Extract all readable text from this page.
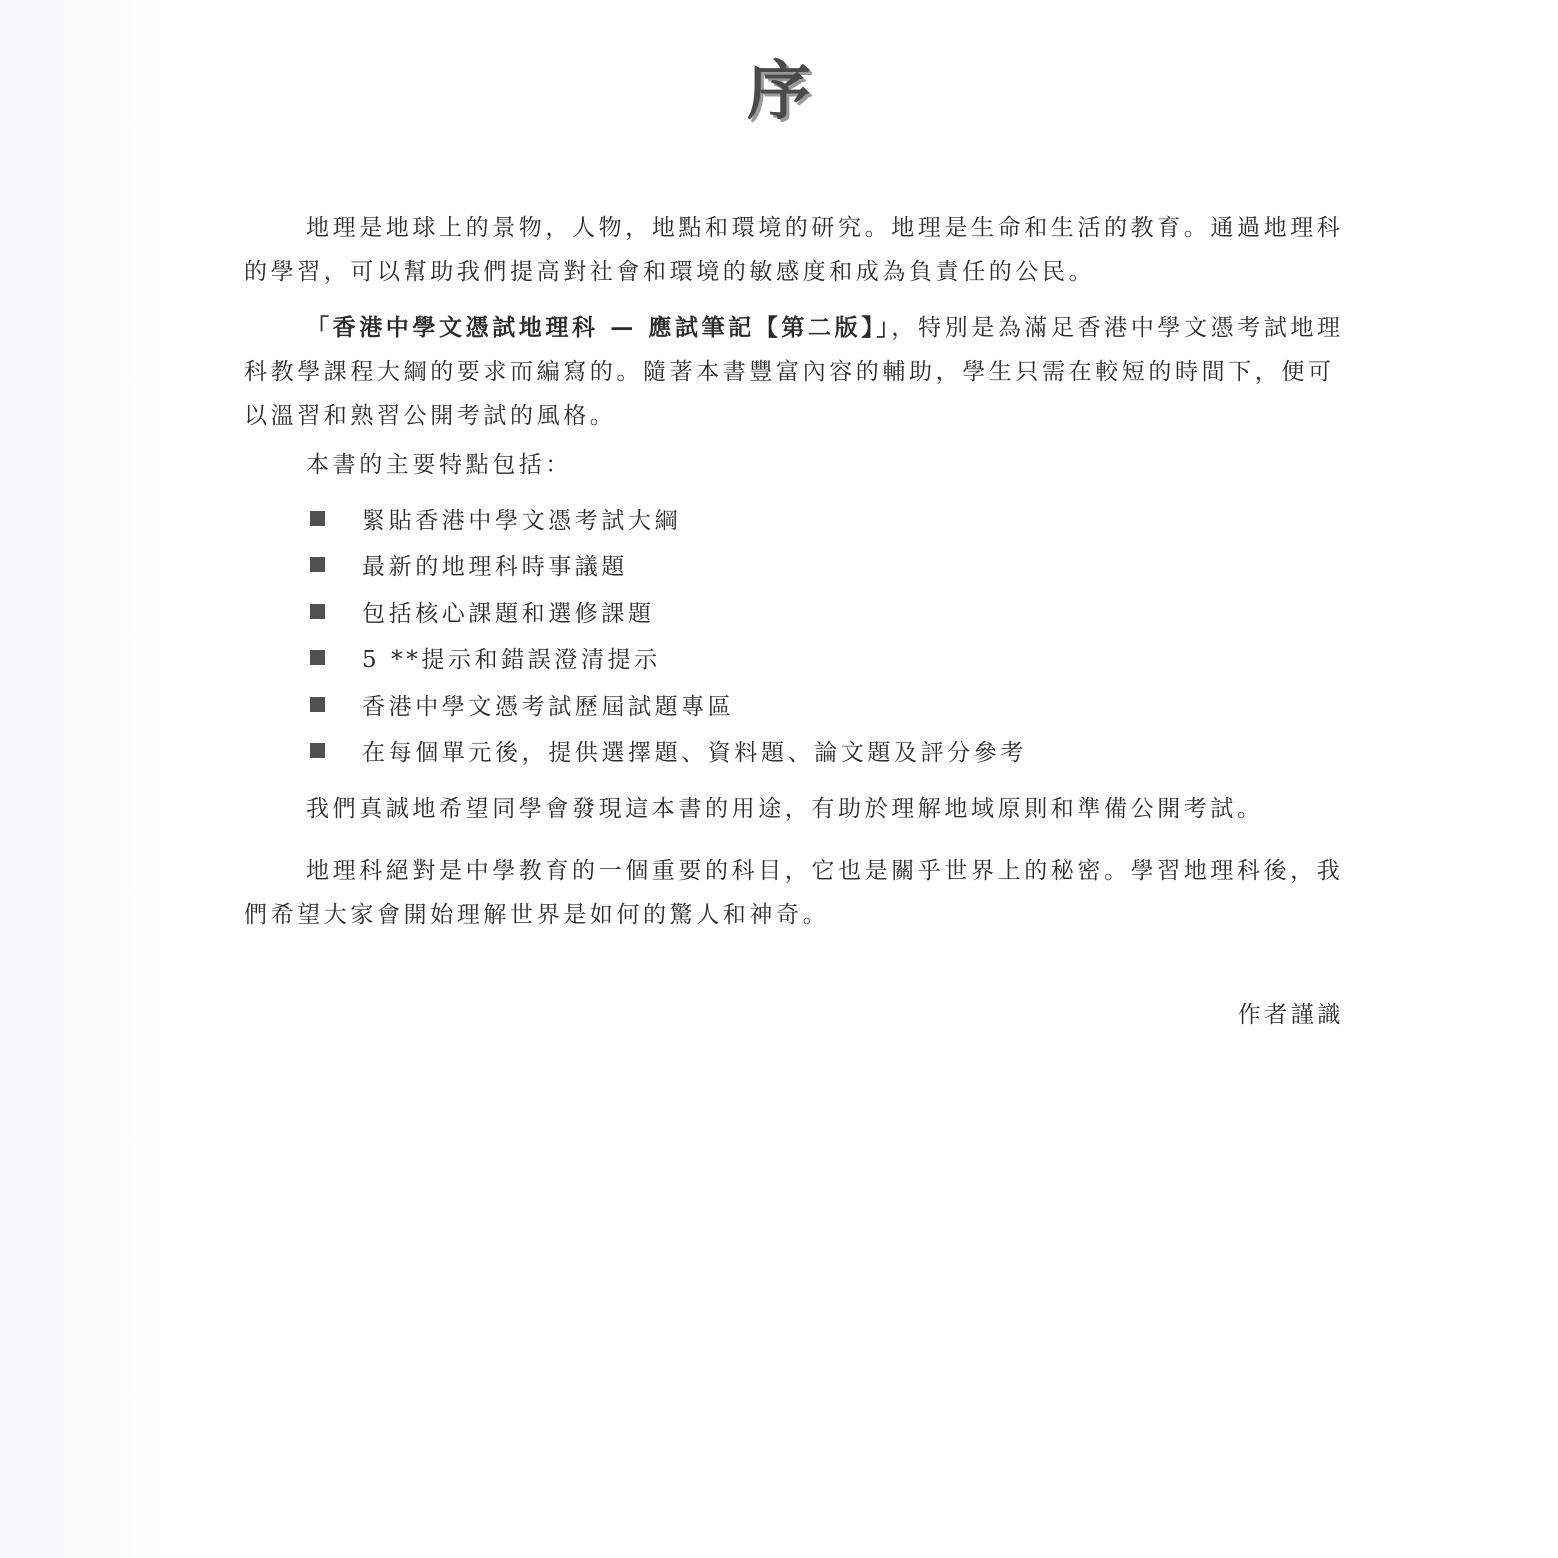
序

地理是地球上的景物，人物，地點和環境的研究。地理是生命和生活的教育。通過地理科的學習，可以幫助我們提高對社會和環境的敏感度和成為負責任的公民。

「香港中學文憑試地理科 — 應試筆記【第二版】」，特別是為滿足香港中學文憑考試地理科教學課程大綱的要求而編寫的。隨著本書豐富內容的輔助，學生只需在較短的時間下，便可以溫習和熟習公開考試的風格。

本書的主要特點包括：
緊貼香港中學文憑考試大綱
最新的地理科時事議題
包括核心課題和選修課題
5 **提示和錯誤澄清提示
香港中學文憑考試歷屆試題專區
在每個單元後，提供選擇題、資料題、論文題及評分參考
我們真誠地希望同學會發現這本書的用途，有助於理解地域原則和準備公開考試。

地理科絕對是中學教育的一個重要的科目，它也是關乎世界上的秘密。學習地理科後，我們希望大家會開始理解世界是如何的驚人和神奇。

作者謹識
